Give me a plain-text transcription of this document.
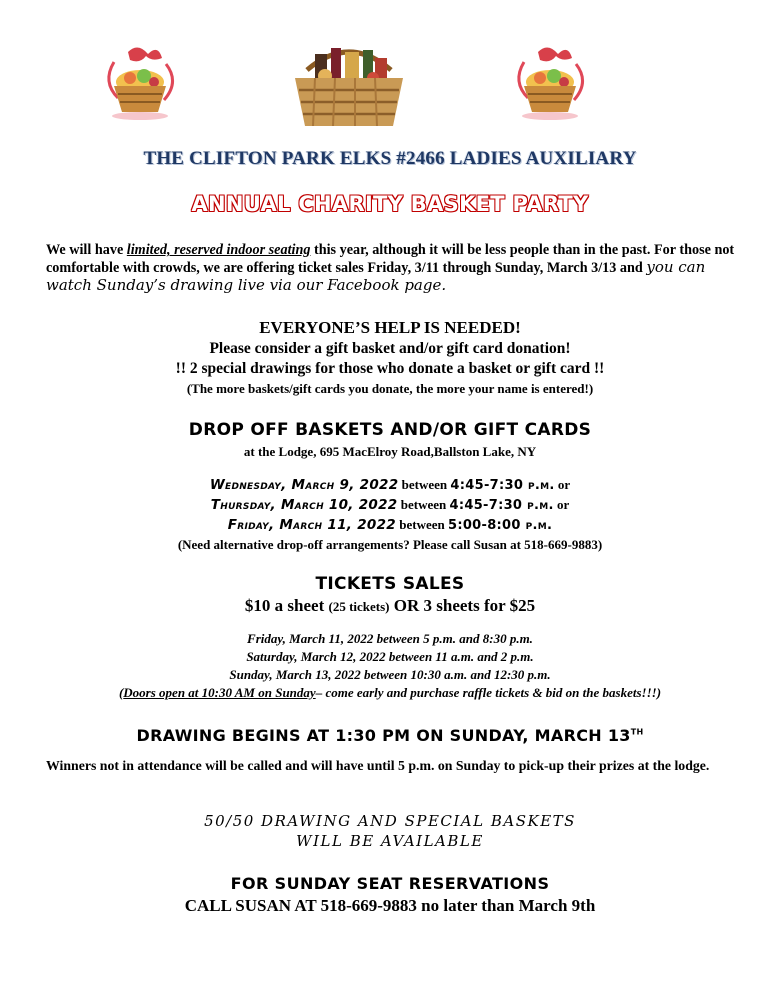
THE CLIFTON PARK ELKS #2466 LADIES AUXILIARY
ANNUAL CHARITY BASKET PARTY
We will have limited, reserved indoor seating this year, although it will be less people than in the past. For those not comfortable with crowds, we are offering ticket sales Friday, 3/11 through Sunday, March 3/13 and you can watch Sunday’s drawing live via our Facebook page.
EVERYONE’S HELP IS NEEDED!
Please consider a gift basket and/or gift card donation!
!! 2 special drawings for those who donate a basket or gift card !!
(The more baskets/gift cards you donate, the more your name is entered!)
DROP OFF BASKETS AND/OR GIFT CARDS
at the Lodge, 695 MacElroy Road,Ballston Lake, NY
Wednesday, March 9, 2022 between 4:45-7:30 p.m. or
Thursday, March 10, 2022 between 4:45-7:30 p.m. or
Friday, March 11, 2022 between 5:00-8:00 p.m.
(Need alternative drop-off arrangements? Please call Susan at 518-669-9883)
TICKETS SALES
$10 a sheet (25 tickets) OR 3 sheets for $25
Friday, March 11, 2022 between 5 p.m. and 8:30 p.m.
Saturday, March 12, 2022 between 11 a.m. and 2 p.m.
Sunday, March 13, 2022 between 10:30 a.m. and 12:30 p.m.
(Doors open at 10:30 AM on Sunday– come early and purchase raffle tickets & bid on the baskets!!!)
DRAWING BEGINS AT 1:30 PM ON SUNDAY, MARCH 13TH
Winners not in attendance will be called and will have until 5 p.m. on Sunday to pick-up their prizes at the lodge.
50/50 DRAWING AND SPECIAL BASKETS
WILL BE AVAILABLE
FOR SUNDAY SEAT RESERVATIONS
CALL SUSAN AT 518-669-9883 no later than March 9th
